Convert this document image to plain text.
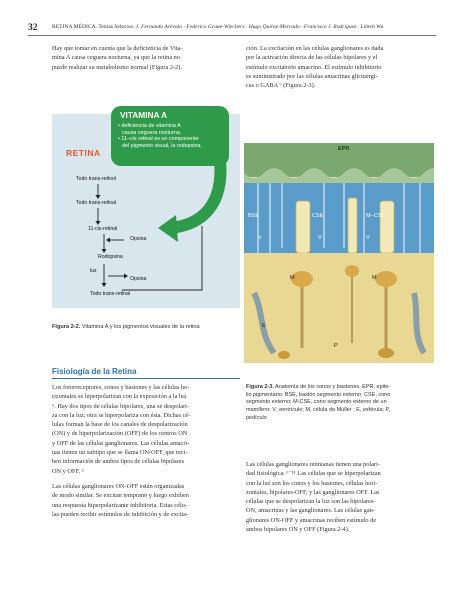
32	RETINA MÉDICA. Temas Selectos. J. Fernando Arévalo · Federico Graue-Wiechers · Hugo Quiroz-Mercado · Francisco J. Rodríguez · Lihteh Wu
Hay que tomar en cuenta que la deficiencia de Vita-
mina A causa ceguera nocturna, ya que la retina no
puede realizar su metabolismo normal (Figura 2-2).
RETINA
VITAMINA A
• deficiencia de vitamina A
causa ceguera nocturna.
• 11–cis retinal es un componente
del pigmento visual, la rodopsina.
Todo trans-retinol
Todo trans-retinal
11-cis-retinal
Opsina
Rodopsina
luz
Opsina
Todo trans-retinal
Figura 2-2. Vitamina A y los pigmentos visuales de la retina
Fisiología de la Retina
Los fotorreceptores, conos y bastones y las células ho-
rizontales se hiperpolarizan con la exposición a la luz
⁶. Hay dos tipos de células bipolares, una se despolari-
za con la luz; otra se hiperpolariza con ésta. Dichas cé-
lulas forman la base de los canales de despolarización
(ON) y de hiperpolarización (OFF) de los centros ON
y OFF de las células ganglionares. Las células amacri-
nas tienen un subtipo que se llama ON-OFF, que reci-
ben información de ambos tipos de células bipolares
ON y OFF. ⁶
Las células ganglionares ON-OFF están organizadas
de modo similar. Se excitan temprano y luego exhiben
una respuesta hiperpolarizante inhibitoria. Estas célu-
las pueden recibir estímulos de inhibición y de excita-
ción. La excitación en las células ganglionares es dada
por la activación directa de las células bipolares y el
estímulo excitatorio amacrino. El estímulo inhibitorio
es suministrado por las células amacrinas glicinérgi-
cas o GABA ⁶ (Figura 2-3).
EPR
BSE	CSE	M–CSE
V	V	V
M	M
E
P
Figura 2-3. Anatomía de los conos y bastones. EPR, epite-
lio pigmentario; BSE, bastón segmento externo; CSE, cono
segmento externo; M-CSE, cono segmento externo de un
mamífero; V, ventrículo; M, célula de Müller ; E, esférula; P,
pedículo
Las células ganglionares retinianas tienen una polari-
dad fisiológica. ⁶⁻¹¹ Las células que se hiperpolarizan
con la luz son los conos y los bastones, células hori-
zontales, bipolares-OFF, y las ganglionares OFF. Las
células que se despolarizan la luz son las bipolares-
ON, amacrinas y las ganglionares. Las células gan-
glionares ON-OFF y amacrinas reciben estímulo de
ambos bipolares ON y OFF (Figura 2-4).
